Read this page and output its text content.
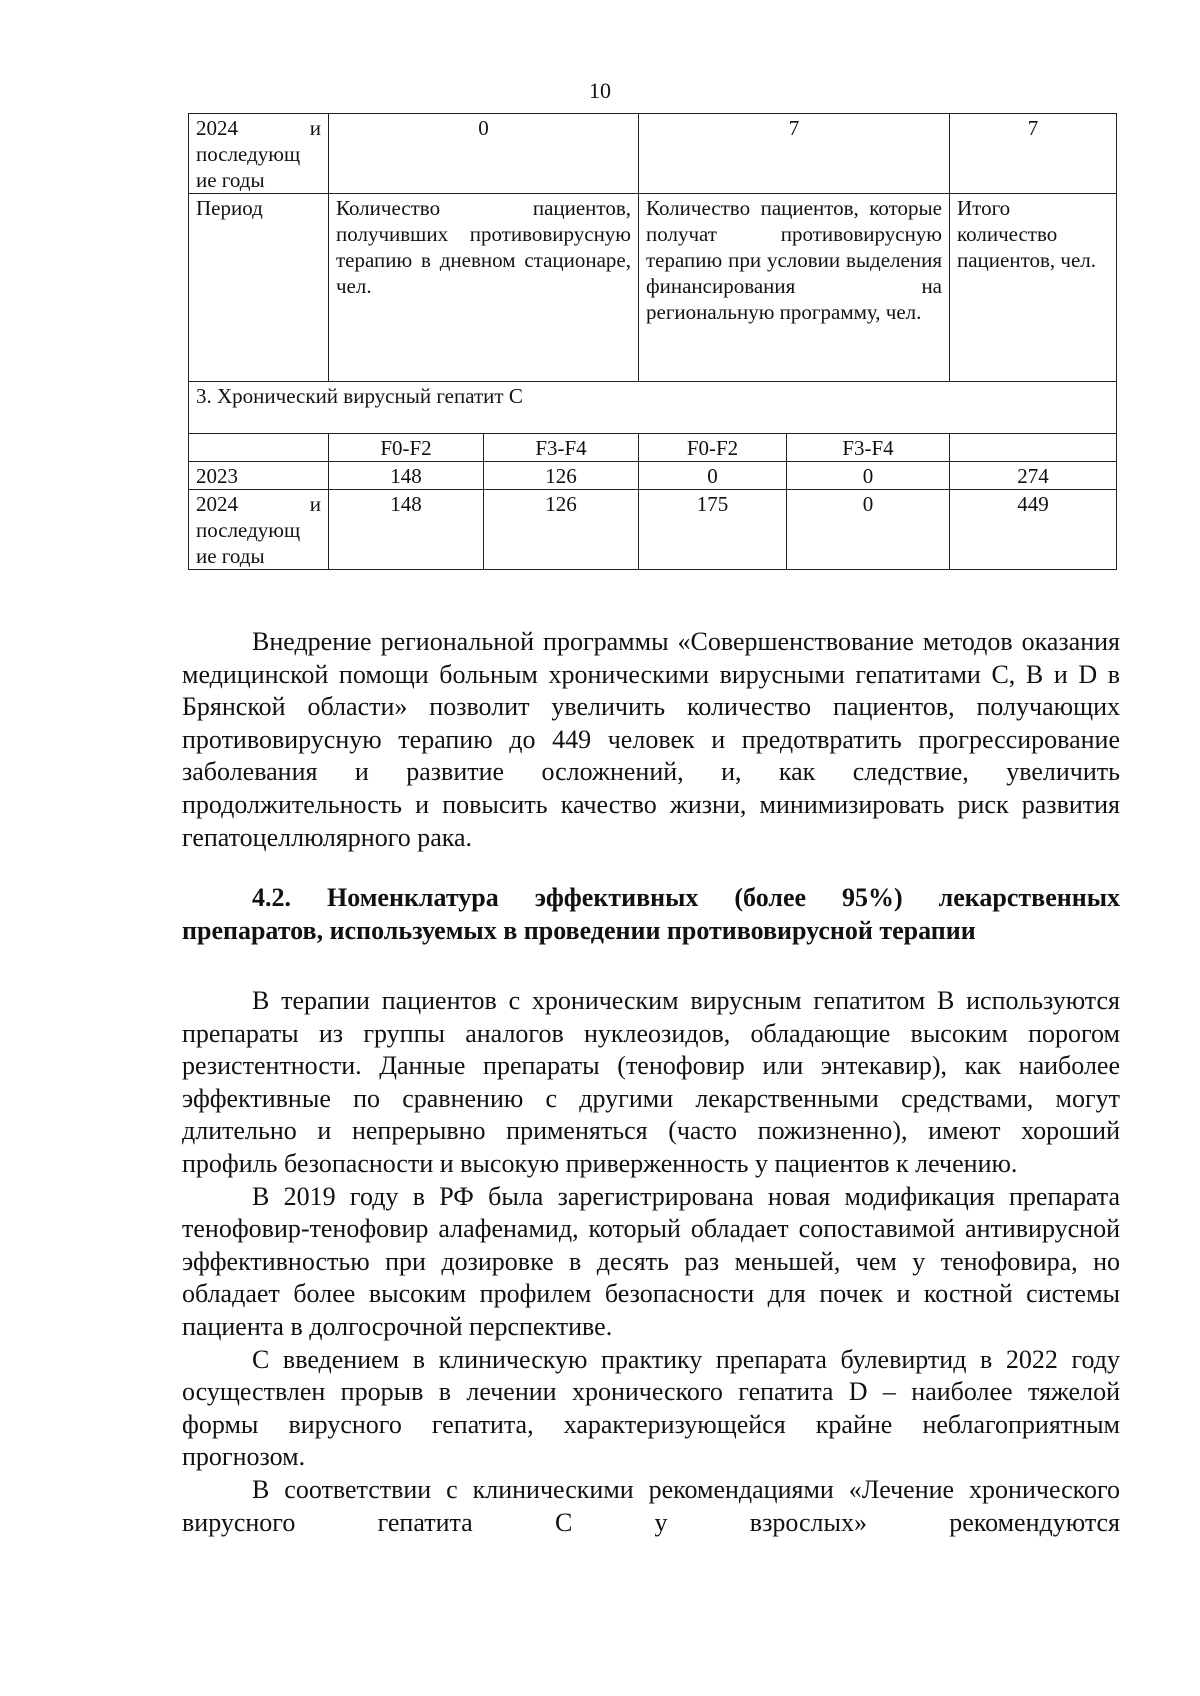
10
2024 и
последующ
ие годы	0		7		7
Период	Количество пациентов, получивших противовирусную терапию в дневном стационаре, чел.		Количество пациентов, которые получат противовирусную терапию при условии выделения финансирования на региональную программу, чел.		Итого количество пациентов, чел.
3. Хронический вирусный гепатит С					
	F0-F2	F3-F4	F0-F2	F3-F4	
2023	148	126	0	0	274

2024 и
последующ
ие годы	148	126	175	0	449

Внедрение региональной программы «Совершенствование методов оказания медицинской помощи больным хроническими вирусными гепатитами С, В и D в Брянской области» позволит увеличить количество пациентов, получающих противовирусную терапию до 449 человек и предотвратить прогрессирование заболевания и развитие осложнений, и, как следствие, увеличить продолжительность и повысить качество жизни, минимизировать риск развития гепатоцеллюлярного рака.

4.2. Номенклатура эффективных (более 95%) лекарственных препаратов, используемых в проведении противовирусной терапии

В терапии пациентов с хроническим вирусным гепатитом В используются препараты из группы аналогов нуклеозидов, обладающие высоким порогом резистентности. Данные препараты (тенофовир или энтекавир), как наиболее эффективные по сравнению с другими лекарственными средствами, могут длительно и непрерывно применяться (часто пожизненно), имеют хороший профиль безопасности и высокую приверженность у пациентов к лечению.

В 2019 году в РФ была зарегистрирована новая модификация препарата тенофовир-тенофовир алафенамид, который обладает сопоставимой антивирусной эффективностью при дозировке в десять раз меньшей, чем у тенофовира, но обладает более высоким профилем безопасности для почек и костной системы пациента в долгосрочной перспективе.

С введением в клиническую практику препарата булевиртид в 2022 году осуществлен прорыв в лечении хронического гепатита D – наиболее тяжелой формы вирусного гепатита, характеризующейся крайне неблагоприятным прогнозом.

В соответствии с клиническими рекомендациями «Лечение хронического вирусного гепатита С у взрослых» рекомендуются
